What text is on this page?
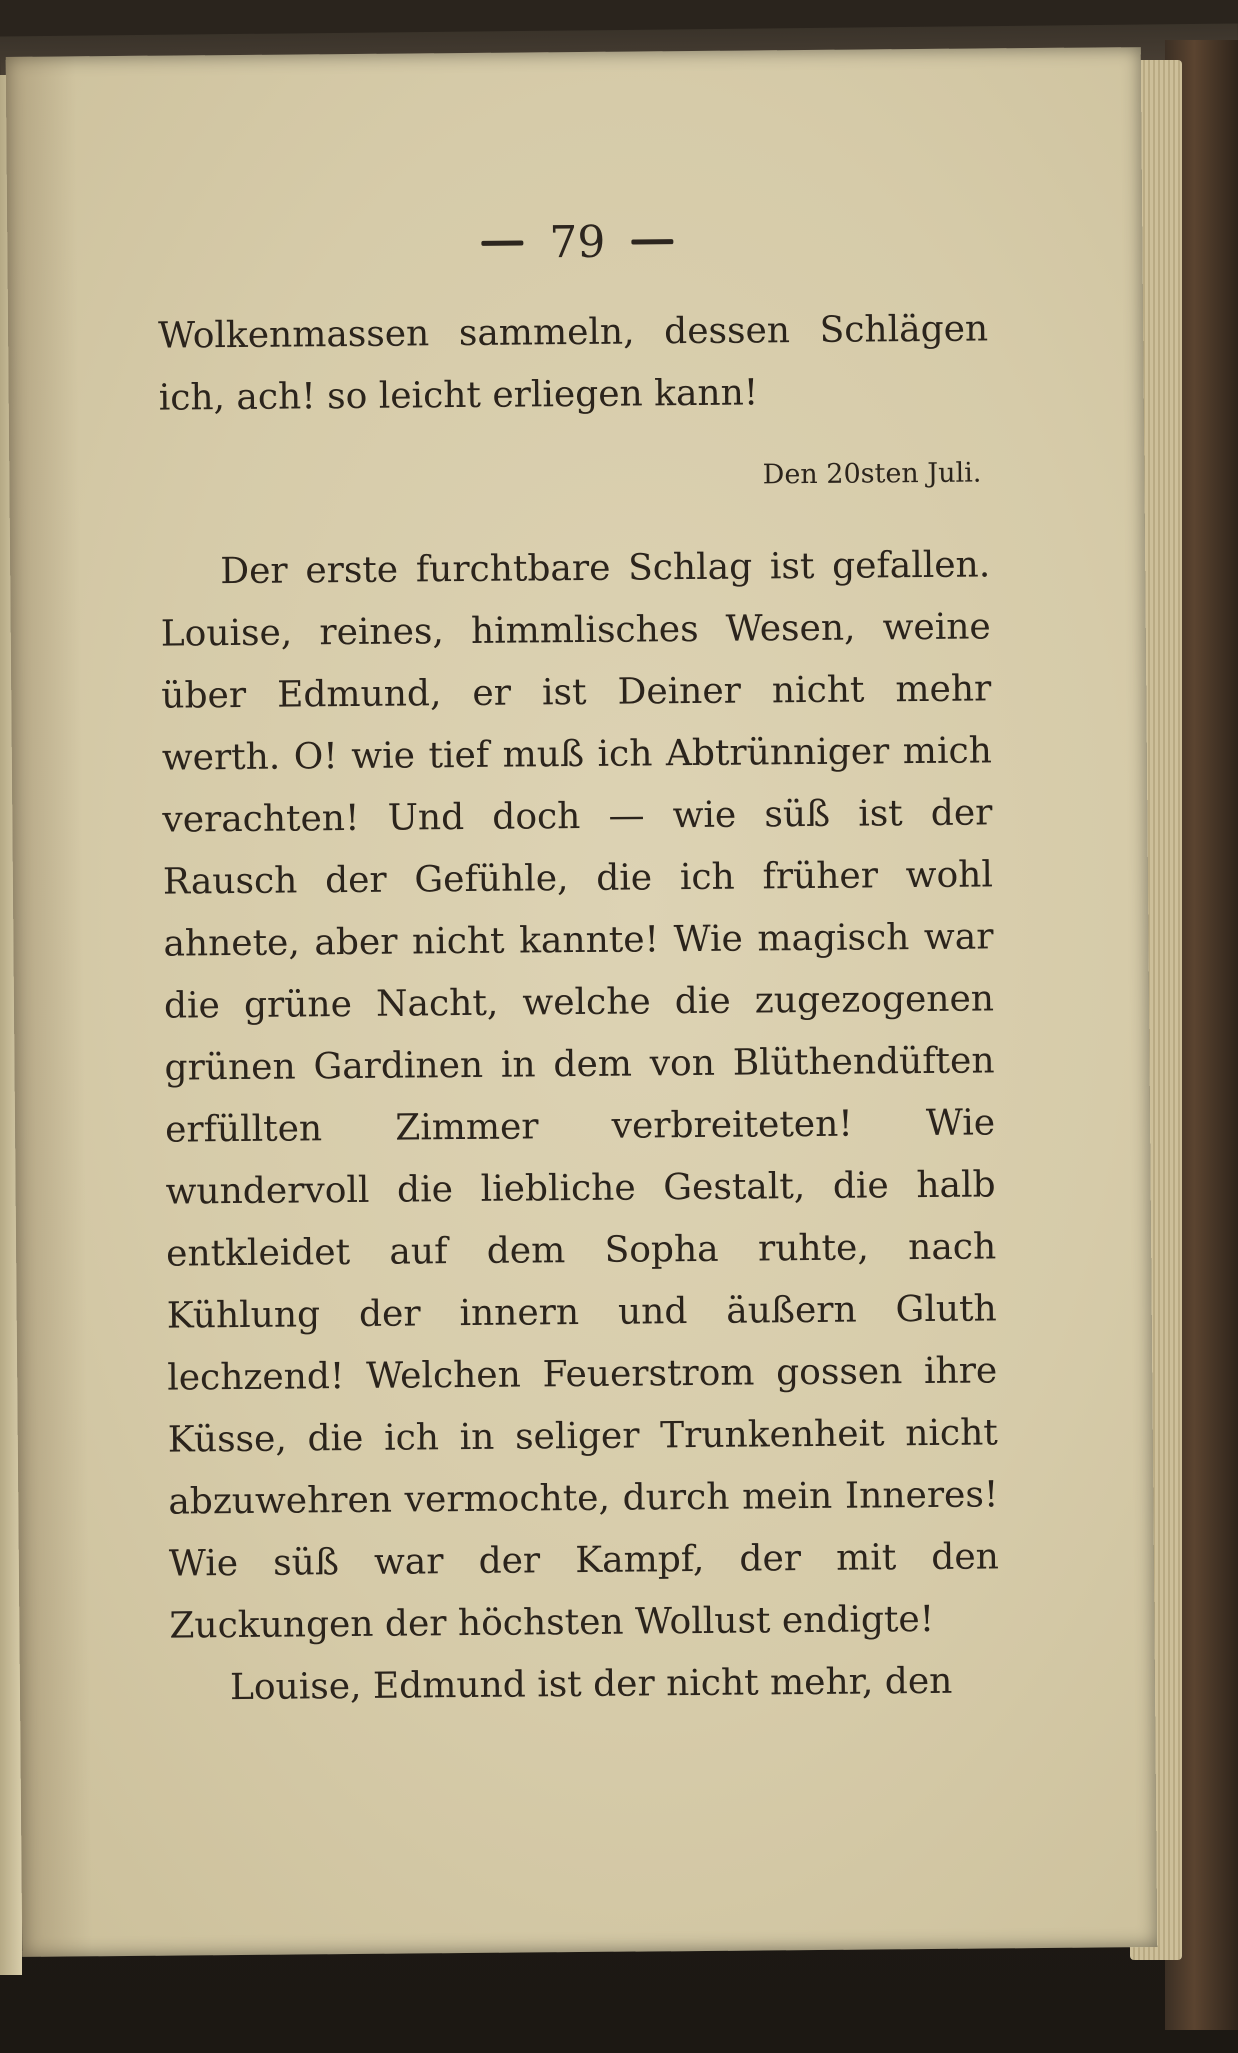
79

Wolkenmassen sammeln, dessen Schlägen ich, ach! so leicht erliegen kann!

Den 20sten Juli.

Der erste furchtbare Schlag ist gefallen. Louise, reines, himmlisches Wesen, weine über Edmund, er ist Deiner nicht mehr werth. O! wie tief muß ich Abtrünniger mich verachten! Und doch — wie süß ist der Rausch der Gefühle, die ich früher wohl ahnete, aber nicht kannte! Wie magisch war die grüne Nacht, welche die zugezogenen grünen Gardinen in dem von Blüthendüften erfüllten Zimmer verbreiteten! Wie wundervoll die liebliche Gestalt, die halb entkleidet auf dem Sopha ruhte, nach Kühlung der innern und äußern Gluth lechzend! Welchen Feuerstrom gossen ihre Küsse, die ich in seliger Trunkenheit nicht abzuwehren vermochte, durch mein Inneres! Wie süß war der Kampf, der mit den Zuckungen der höchsten Wollust endigte!

Louise, Edmund ist der nicht mehr, den
